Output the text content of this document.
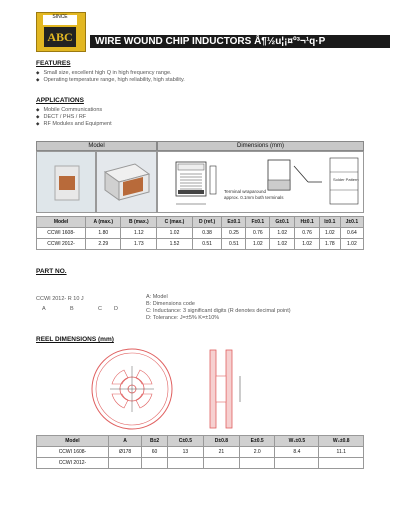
SINCE
ABC	WIRE WOUND CHIP INDUCTORS Å¶½u¦¡¤º³¬¹q·P
FEATURES
◆ Small size, excellent high Q in high frequency range.
◆ Operating temperature range, high reliability, high stability.
APPLICATIONS
◆ Mobile Communications
◆ DECT / PHS / RF
◆ RF Modules and Equipment
Model	Dimensions (mm)
Terminal wraparound
approx. 0.1mm both terminals
Solder Pattern
Model	A (max.)	B (max.)	C (max.)	D (ref.)	E±0.1	F±0.1	G±0.1	H±0.1	I±0.1	J±0.1
CCWI 1608-	1.80	1.12	1.02	0.38	0.25	0.76	1.02	0.76	1.02	0.64
CCWI 2012-	2.29	1.73	1.52	0.51	0.51	1.02	1.02	1.02	1.78	1.02
PART NO.
CCWI 2012- R 10 J
A	B	C D
A: Model
B: Dimensions code
C: Inductance: 3 significant digits (R denotes decimal point)
D: Tolerance: J=±5% K=±10%
REEL DIMENSIONS (mm)
Model	A	B±2	C±0.5	D±0.8	E±0.5	W₁±0.5	W₂±0.8
CCWI 1608-	Ø178	60	13	21	2.0	8.4	11.1
CCWI 2012-							
